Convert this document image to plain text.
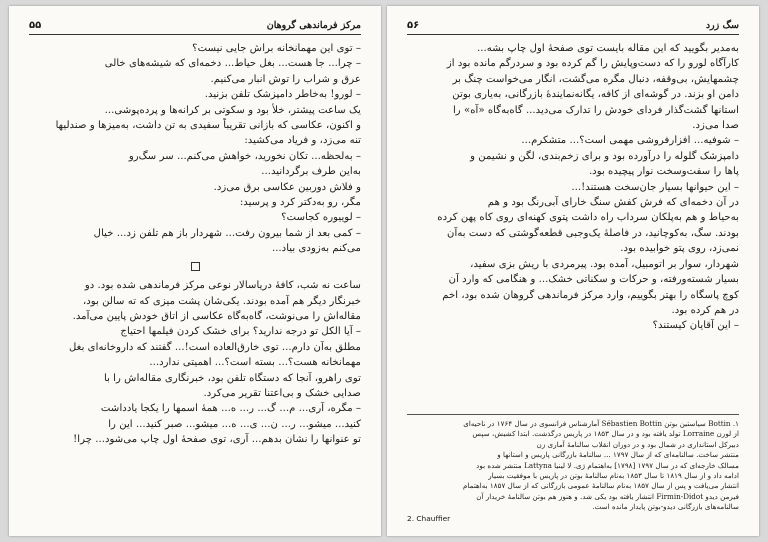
مرکز فرماندهی گروهان
۵۵
– توی این مهمانخانه براش جایی نیست؟
– چرا... جا هست... بغل حیاط... دخمه‌ای که شیشه‌های خالی
عرق و شراب را توش انبار می‌کنیم.
– لورو! به‌خاطر دامپزشک تلفن بزنید.
یک ساعت پیشتر، خلأ بود و سکوتی بر کرانه‌ها و پرده‌پوشی...
و اکنون، عکاسی که بازانی تقریباً سفیدی به تن داشت، به‌میزها و صندلیها
تنه می‌زد، و فریاد می‌کشید:
– به‌لحظه... تکان نخورید، خواهش می‌کنم... سر سگ‌رو
به‌این طرف برگردانید...
و فلاش دوربین عکاسی برق می‌زد.
مگر، رو به‌دکتر کرد و پرسید:
– لوییوره کجاست؟
– کمی بعد از شما بیرون رفت... شهردار باز هم تلفن زد... خیال
می‌کنم به‌زودی بیاد...
ساعت نه شب، کافهٔ دریاسالار نوعی مرکز فرماندهی شده بود. دو
خبرنگار دیگر هم آمده بودند. یکی‌شان پشت میزی که ته سالن بود،
مقاله‌اش را می‌نوشت، گاه‌به‌گاه عکاسی از اتاق خودش پایین می‌آمد.
– آیا الکل تو درجه ندارید؟ برای خشک کردن فیلمها احتیاج
مطلق به‌آن دارم... توی خارق‌العاده است!... گفتند که داروخانه‌ای بغل
مهمانخانه هست؟... بسته است؟... اهمیتی ندارد...
توی راهرو، آنجا که دستگاه تلفن بود، خبرنگاری مقاله‌اش را با
صدایی خشک و بی‌اعتنا تقریر می‌کرد.
– مگره، آری... م... گ... ر... ه... همهٔ اسمها را یکجا یادداشت
کنید... میشو... ر... ن... ی... ه... میشو... صبر کنید... این را
تو عنوانها را نشان بدهم... آری، توی صفحهٔ اول چاپ می‌شود... چرا!
سگ زرد
۵۶
به‌مدیر بگویید که این مقاله بایست توی صفحهٔ اول چاپ بشه...
کارآگاه لورو را که دست‌وپایش را گم کرده بود و سردرگم مانده بود از
چشمهایش، بی‌وقفه، دنبال مگره می‌گشت، انگار می‌خواست چنگ بر
دامن او بزند. در گوشه‌ای از کافه، یگانه‌نمایندهٔ بازرگانی، به‌یاری بوتن
استانها گشت‌گذار فردای خودش را تدارک می‌دید... گاه‌به‌گاه «آه» را
صدا می‌زد.
– شوفیه... افزارفروشی مهمی است؟... متشکرم...
دامپزشک گلوله را درآورده بود و برای زخم‌بندی، لگن و نشیمن و
پاها را سفت‌وسخت نوار پیچیده بود.
– این حیوانها بسیار جان‌سخت هستند!...
در آن دخمه‌ای که فرش کفش سنگ خارای آبی‌رنگ بود و هم
به‌حیاط و هم به‌پلکان سرداب راه داشت پتوی کهنه‌ای روی کاه پهن کرده
بودند. سگ، به‌کوچانید، در فاصلهٔ یک‌وجبی قطعه‌گوشتی که دست به‌آن
نمی‌زد، روی پتو خوابیده بود.
شهردار، سوار بر اتومبیل، آمده بود. پیرمردی با ریش بزی سفید،
بسیار شسته‌ورفته، و حرکات و سکناتی خشک... و هنگامی که وارد آن
کوچ پاسگاه را بهتر بگوییم، وارد مرکز فرماندهی گروهان شده بود، اخم
در هم کرده بود.
– این آقایان کیستند؟
۱. Bottin سیاستین بوتن Sébastien Bottin آمارشناس فرانسوی در سال ۱۷۶۴ در ناحیه‌ای
از لورن Lorraine تولد یافته بود و در سال ۱۸۵۳ در پاریس درگذشت. ابتدا کشیش، سپس
دبیرکل استانداری در شمال بود و در دوران انقلاب سالنامهٔ آماری زن‌
منتشر ساخت. سالنامه‌ای که از سال ۱۷۹۷ ... سالنامهٔ بازرگانی پاریس و استانها و
مسالک خارجه‌ای که در سال ۱۷۹۷ [۱۷۹۸] به‌اهتمام ژی. لا لینیا Lattyna منتشر شده بود
ادامه داد و از سال ۱۸۱۹ تا سال ۱۸۵۳ به‌نام سالنامهٔ بوتن در پاریس با موفقیت بسیار
انتشار می‌یافت و پس از سال ۱۸۵۷ به‌نام سالنامهٔ عمومی بازرگانی که از سال ۱۸۵۷ به‌اهتمام
فیرمن دیدو Firmin-Didot انتشار یافته بود یکی شد. و هنوز هم بوتن سالنامهٔ خریدار آن
سالنامه‌های بازرگانی دیدو-بوتن پایدار مانده است.
2. Chauffier
